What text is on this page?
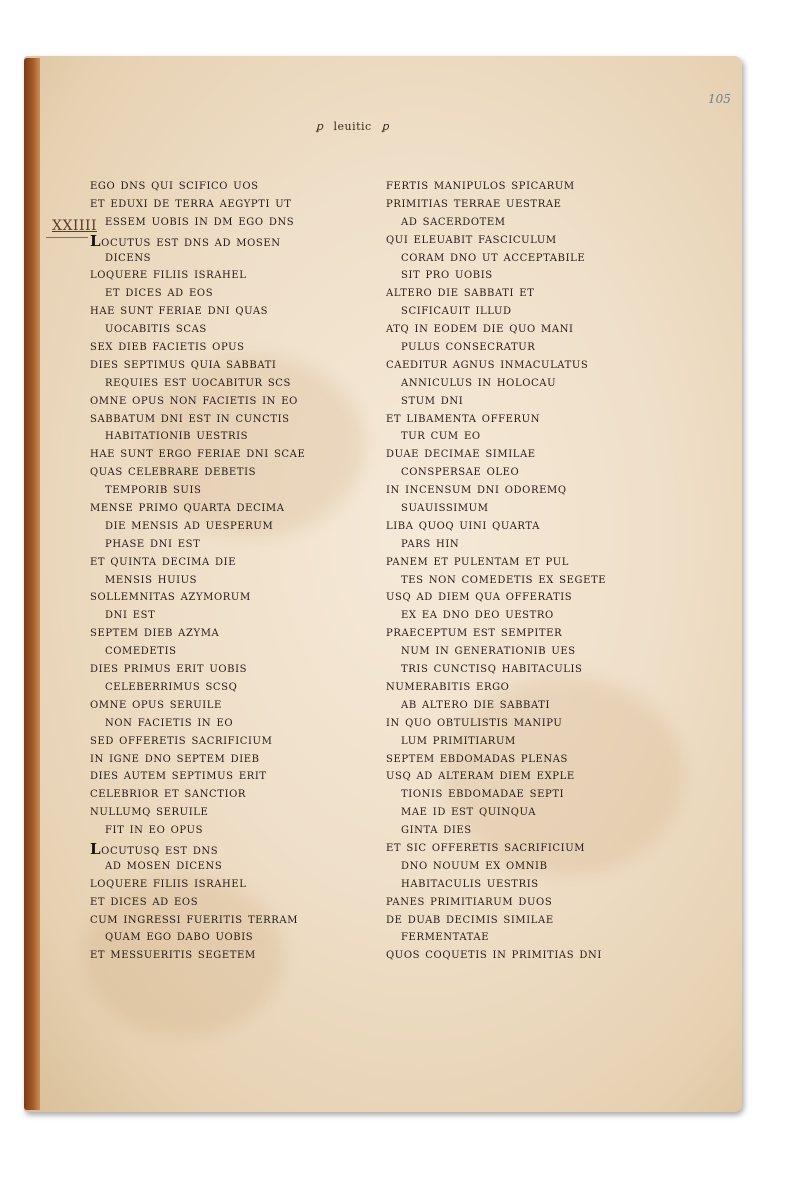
105
ꝑ leuitic ꝑ
XXIIII
ego dns qui scifico uos
et eduxi de terra aegypti ut
essem uobis in dm ego dns
locutus est dns ad mosen
dicens
loquere filiis israhel
et dices ad eos
hae sunt feriae dni quas
uocabitis scas
sex dieb facietis opus
dies septimus quia sabbati
requies est uocabitur scs
omne opus non facietis in eo
sabbatum dni est in cunctis
habitationib uestris
hae sunt ergo feriae dni scae
quas celebrare debetis
temporib suis
mense primo quarta decima
die mensis ad uesperum
phase dni est
et quinta decima die
mensis huius
sollemnitas azymorum
dni est
septem dieb azyma
comedetis
dies primus erit uobis
celeberrimus scsq
omne opus seruile
non facietis in eo
sed offeretis sacrificium
in igne dno septem dieb
dies autem septimus erit
celebrior et sanctior
nullumq seruile
fit in eo opus
locutusq est dns
ad mosen dicens
loquere filiis israhel
et dices ad eos
cum ingressi fueritis terram
quam ego dabo uobis
et messueritis segetem
fertis manipulos spicarum
primitias terrae uestrae
ad sacerdotem
qui eleuabit fasciculum
coram dno ut acceptabile
sit pro uobis
altero die sabbati et
scificauit illud
atq in eodem die quo mani
pulus consecratur
caeditur agnus inmaculatus
anniculus in holocau
stum dni
et libamenta offerun
tur cum eo
duae decimae similae
conspersae oleo
in incensum dni odoremq
suauissimum
liba quoq uini quarta
pars hin
panem et pulentam et pul
tes non comedetis ex segete
usq ad diem qua offeratis
ex ea dno deo uestro
praeceptum est sempiter
num in generationib ues
tris cunctisq habitaculis
numerabitis ergo
ab altero die sabbati
in quo obtulistis manipu
lum primitiarum
septem ebdomadas plenas
usq ad alteram diem exple
tionis ebdomadae septi
mae id est quinqua
ginta dies
et sic offeretis sacrificium
dno nouum ex omnib
habitaculis uestris
panes primitiarum duos
de duab decimis similae
fermentatae
quos coquetis in primitias dni
